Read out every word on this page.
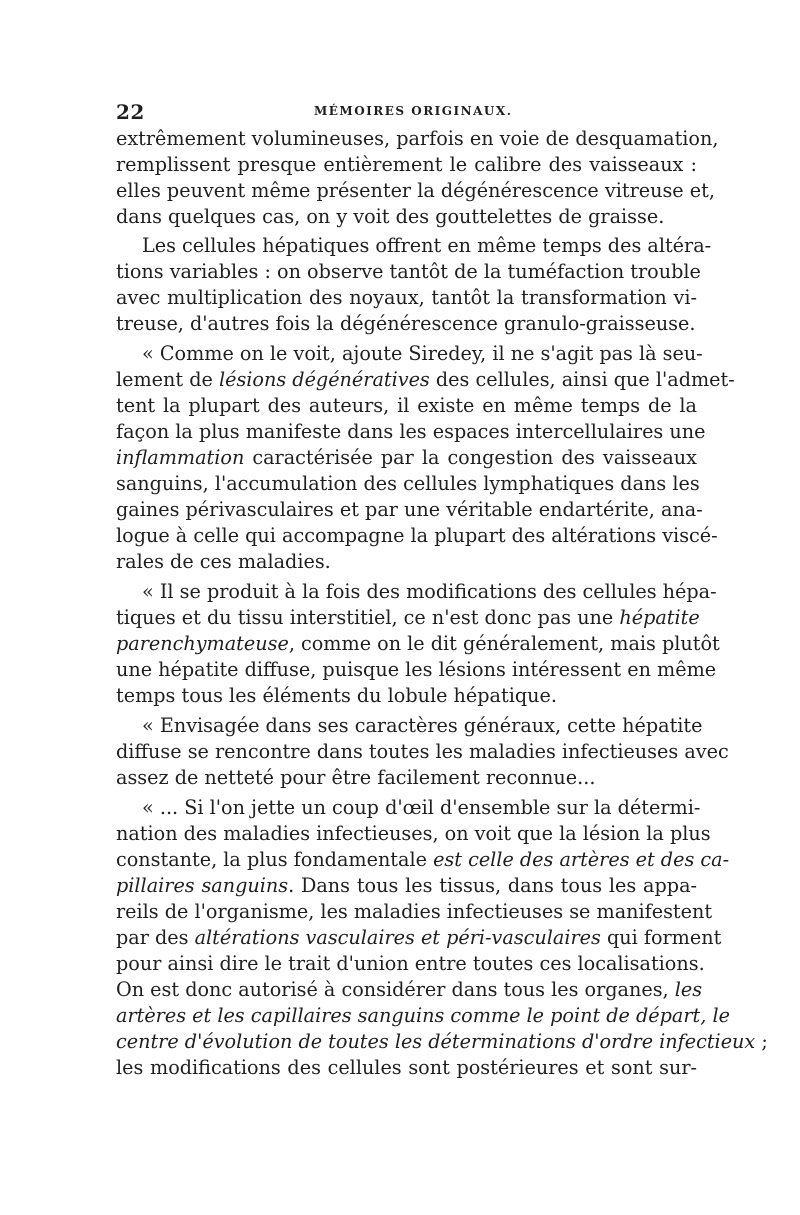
22	MÉMOIRES ORIGINAUX.
extrêmement volumineuses, parfois en voie de desquamation,
remplissent presque entièrement le calibre des vaisseaux :
elles peuvent même présenter la dégénérescence vitreuse et,
dans quelques cas, on y voit des gouttelettes de graisse.
Les cellules hépatiques offrent en même temps des altéra-
tions variables : on observe tantôt de la tuméfaction trouble
avec multiplication des noyaux, tantôt la transformation vi-
treuse, d'autres fois la dégénérescence granulo-graisseuse.
« Comme on le voit, ajoute Siredey, il ne s'agit pas là seu-
lement de lésions dégénératives des cellules, ainsi que l'admet-
tent la plupart des auteurs, il existe en même temps de la
façon la plus manifeste dans les espaces intercellulaires une
inflammation caractérisée par la congestion des vaisseaux
sanguins, l'accumulation des cellules lymphatiques dans les
gaines périvasculaires et par une véritable endartérite, ana-
logue à celle qui accompagne la plupart des altérations viscé-
rales de ces maladies.
« Il se produit à la fois des modifications des cellules hépa-
tiques et du tissu interstitiel, ce n'est donc pas une hépatite
parenchymateuse, comme on le dit généralement, mais plutôt
une hépatite diffuse, puisque les lésions intéressent en même
temps tous les éléments du lobule hépatique.
« Envisagée dans ses caractères généraux, cette hépatite
diffuse se rencontre dans toutes les maladies infectieuses avec
assez de netteté pour être facilement reconnue...
« ... Si l'on jette un coup d'œil d'ensemble sur la détermi-
nation des maladies infectieuses, on voit que la lésion la plus
constante, la plus fondamentale est celle des artères et des ca-
pillaires sanguins. Dans tous les tissus, dans tous les appa-
reils de l'organisme, les maladies infectieuses se manifestent
par des altérations vasculaires et péri-vasculaires qui forment
pour ainsi dire le trait d'union entre toutes ces localisations.
On est donc autorisé à considérer dans tous les organes, les
artères et les capillaires sanguins comme le point de départ, le
centre d'évolution de toutes les déterminations d'ordre infectieux ;
les modifications des cellules sont postérieures et sont sur-
